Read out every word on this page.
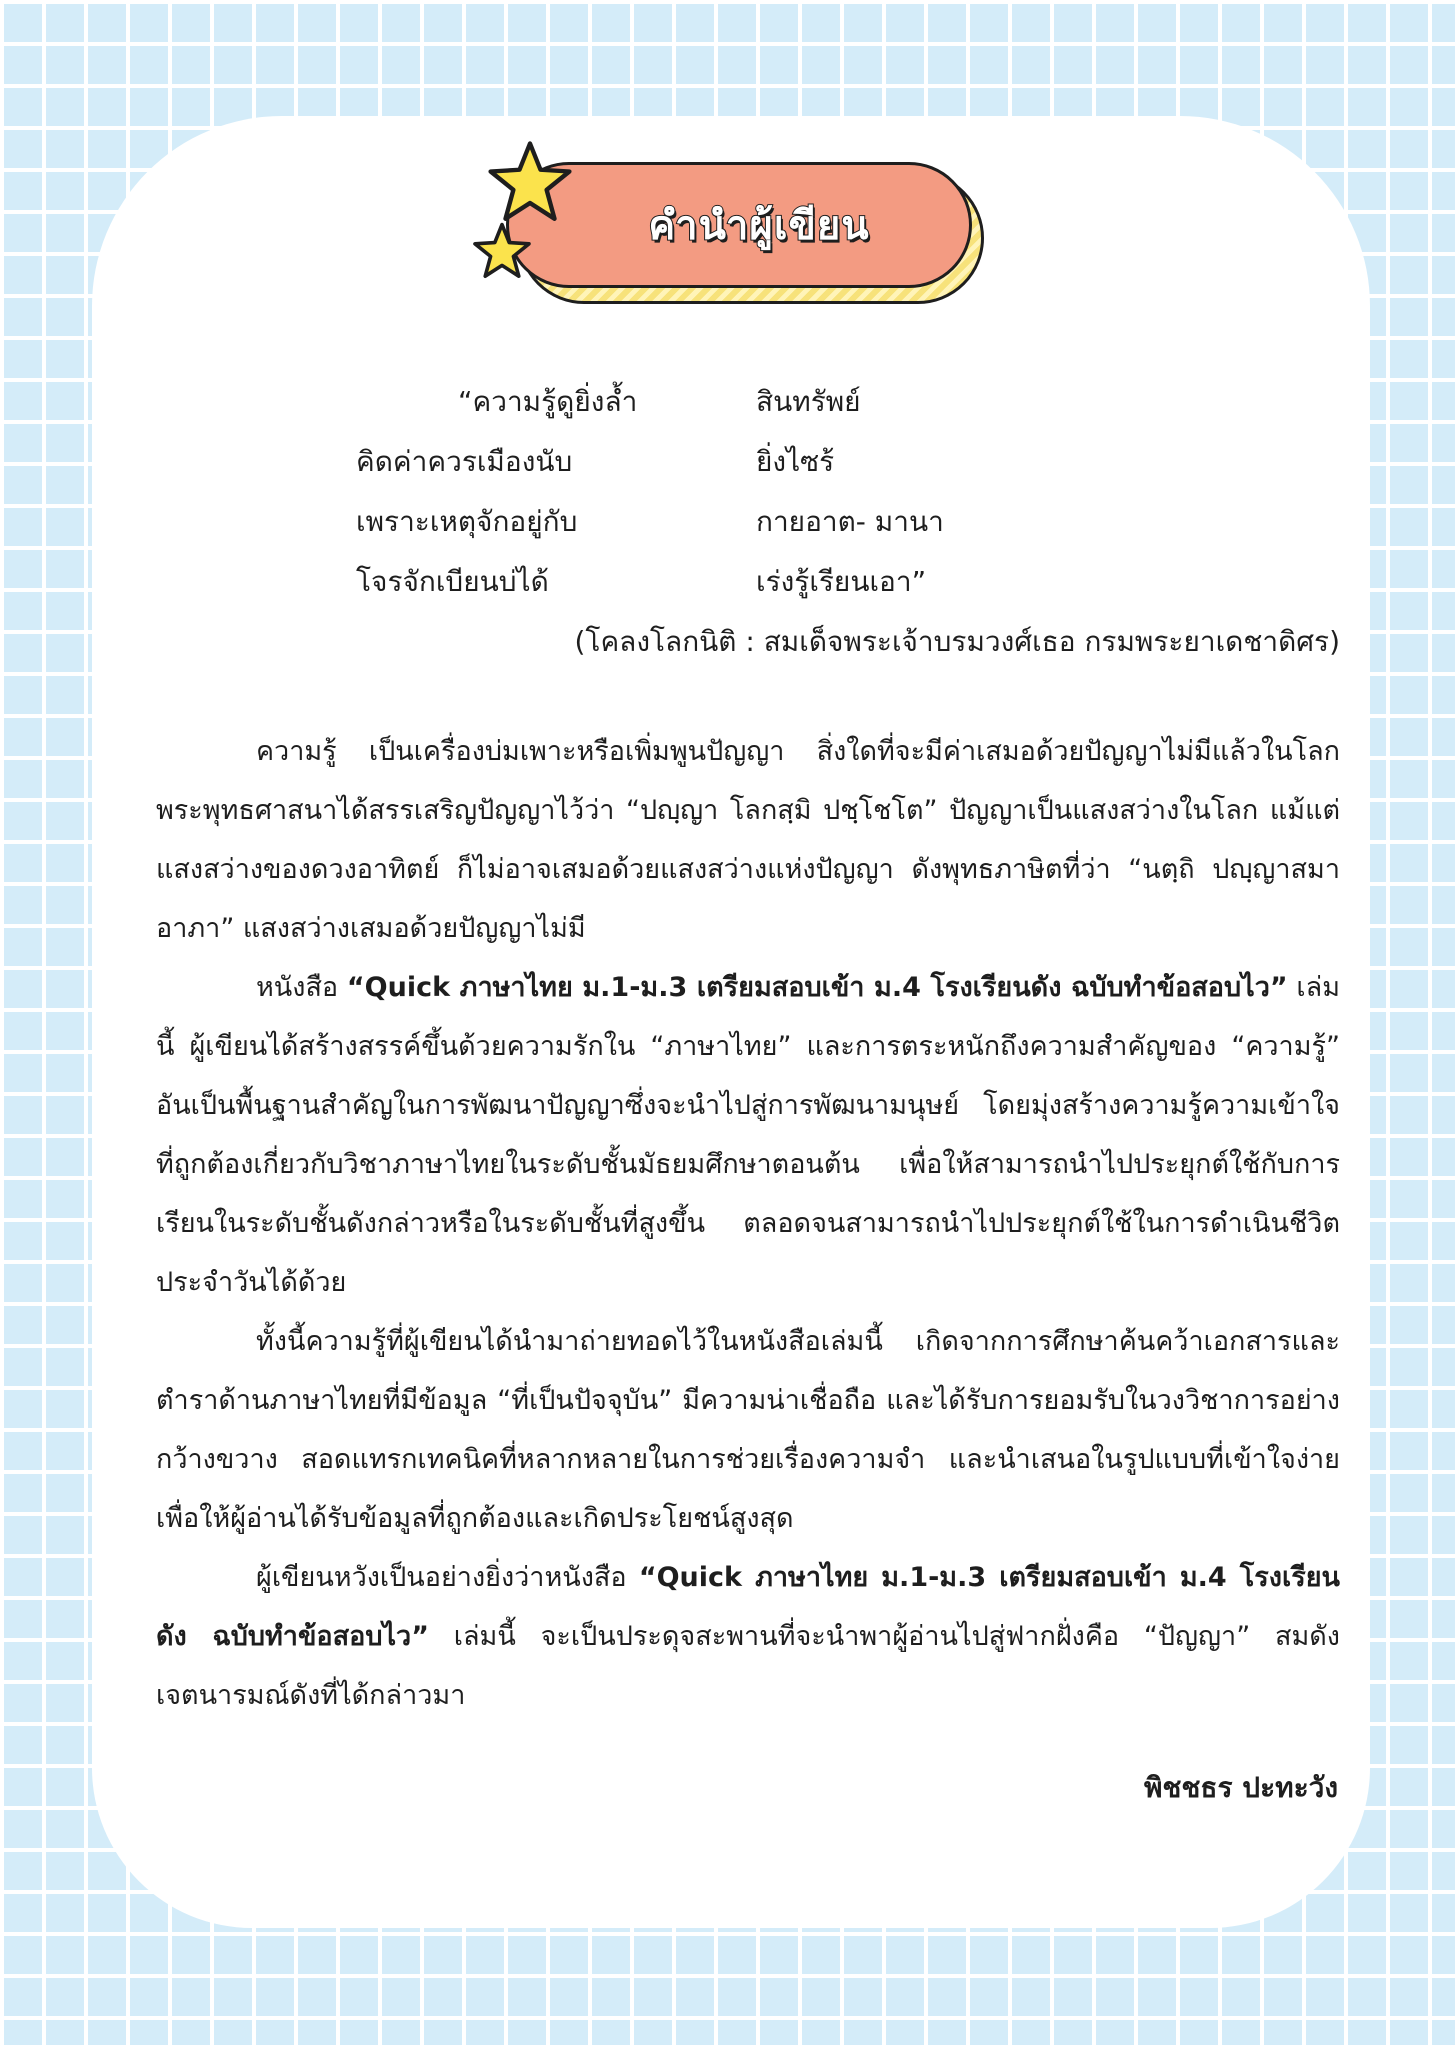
คำนำผู้เขียน
“ความรู้ดูยิ่งล้ำ	สินทรัพย์
คิดค่าควรเมืองนับ	ยิ่งไซร้
เพราะเหตุจักอยู่กับ	กายอาต- มานา
โจรจักเบียนบ่ได้	เร่งรู้เรียนเอา”
(โคลงโลกนิติ : สมเด็จพระเจ้าบรมวงศ์เธอ กรมพระยาเดชาดิศร)

ความรู้ เป็นเครื่องบ่มเพาะหรือเพิ่มพูนปัญญา สิ่งใดที่จะมีค่าเสมอด้วยปัญญาไม่มีแล้วในโลก พระพุทธศาสนาได้สรรเสริญปัญญาไว้ว่า “ปญฺญา โลกสฺมิ ปชฺโชโต” ปัญญาเป็นแสงสว่างในโลก แม้แต่แสงสว่างของดวงอาทิตย์ ก็ไม่อาจเสมอด้วยแสงสว่างแห่งปัญญา ดังพุทธภาษิตที่ว่า “นตฺถิ ปญฺญาสมา อาภา” แสงสว่างเสมอด้วยปัญญาไม่มี

หนังสือ “Quick ภาษาไทย ม.1-ม.3 เตรียมสอบเข้า ม.4 โรงเรียนดัง ฉบับทำข้อสอบไว” เล่มนี้ ผู้เขียนได้สร้างสรรค์ขึ้นด้วยความรักใน “ภาษาไทย” และการตระหนักถึงความสำคัญของ “ความรู้” อันเป็นพื้นฐานสำคัญในการพัฒนาปัญญาซึ่งจะนำไปสู่การพัฒนามนุษย์ โดยมุ่งสร้างความรู้ความเข้าใจที่ถูกต้องเกี่ยวกับวิชาภาษาไทยในระดับชั้นมัธยมศึกษาตอนต้น เพื่อให้สามารถนำไปประยุกต์ใช้กับการเรียนในระดับชั้นดังกล่าวหรือในระดับชั้นที่สูงขึ้น ตลอดจนสามารถนำไปประยุกต์ใช้ในการดำเนินชีวิตประจำวันได้ด้วย

ทั้งนี้ความรู้ที่ผู้เขียนได้นำมาถ่ายทอดไว้ในหนังสือเล่มนี้ เกิดจากการศึกษาค้นคว้าเอกสารและตำราด้านภาษาไทยที่มีข้อมูล “ที่เป็นปัจจุบัน” มีความน่าเชื่อถือ และได้รับการยอมรับในวงวิชาการอย่างกว้างขวาง สอดแทรกเทคนิคที่หลากหลายในการช่วยเรื่องความจำ และนำเสนอในรูปแบบที่เข้าใจง่าย เพื่อให้ผู้อ่านได้รับข้อมูลที่ถูกต้องและเกิดประโยชน์สูงสุด

ผู้เขียนหวังเป็นอย่างยิ่งว่าหนังสือ “Quick ภาษาไทย ม.1-ม.3 เตรียมสอบเข้า ม.4 โรงเรียนดัง ฉบับทำข้อสอบไว” เล่มนี้ จะเป็นประดุจสะพานที่จะนำพาผู้อ่านไปสู่ฟากฝั่งคือ “ปัญญา” สมดังเจตนารมณ์ดังที่ได้กล่าวมา

พิชชธร ปะทะวัง
